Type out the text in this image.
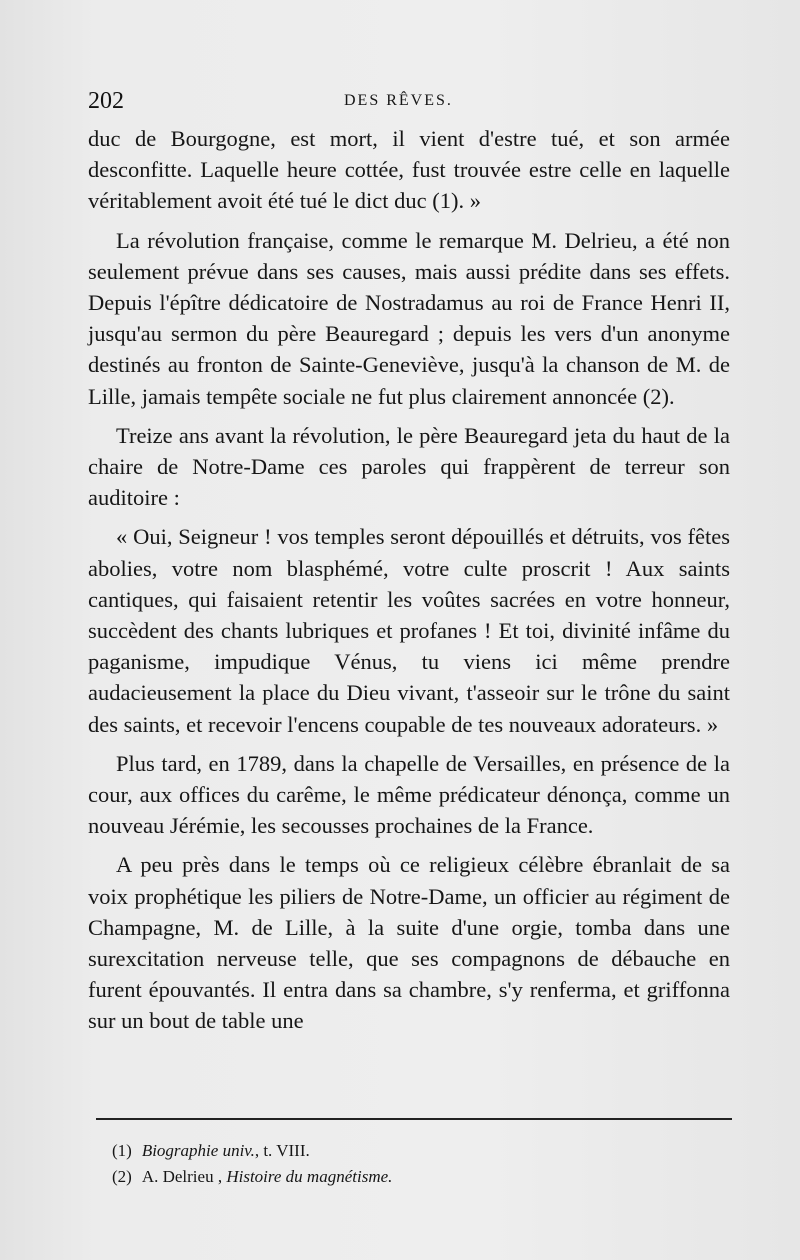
202	DES RÊVES.

duc de Bourgogne, est mort, il vient d'estre tué, et son armée desconfitte. Laquelle heure cottée, fust trouvée estre celle en laquelle véritablement avoit été tué le dict duc (1). »

La révolution française, comme le remarque M. Delrieu, a été non seulement prévue dans ses causes, mais aussi prédite dans ses effets. Depuis l'épître dédicatoire de Nostradamus au roi de France Henri II, jusqu'au sermon du père Beauregard ; depuis les vers d'un anonyme destinés au fronton de Sainte-Geneviève, jusqu'à la chanson de M. de Lille, jamais tempête sociale ne fut plus clairement annoncée (2).

Treize ans avant la révolution, le père Beauregard jeta du haut de la chaire de Notre-Dame ces paroles qui frappèrent de terreur son auditoire :

« Oui, Seigneur ! vos temples seront dépouillés et détruits, vos fêtes abolies, votre nom blasphémé, votre culte proscrit ! Aux saints cantiques, qui faisaient retentir les voûtes sacrées en votre honneur, succèdent des chants lubriques et profanes ! Et toi, divinité infâme du paganisme, impudique Vénus, tu viens ici même prendre audacieusement la place du Dieu vivant, t'asseoir sur le trône du saint des saints, et recevoir l'encens coupable de tes nouveaux adorateurs. »

Plus tard, en 1789, dans la chapelle de Versailles, en présence de la cour, aux offices du carême, le même prédicateur dénonça, comme un nouveau Jérémie, les secousses prochaines de la France.

A peu près dans le temps où ce religieux célèbre ébranlait de sa voix prophétique les piliers de Notre-Dame, un officier au régiment de Champagne, M. de Lille, à la suite d'une orgie, tomba dans une surexcitation nerveuse telle, que ses compagnons de débauche en furent épouvantés. Il entra dans sa chambre, s'y renferma, et griffonna sur un bout de table une

(1) Biographie univ., t. VIII.
(2) A. Delrieu , Histoire du magnétisme.
